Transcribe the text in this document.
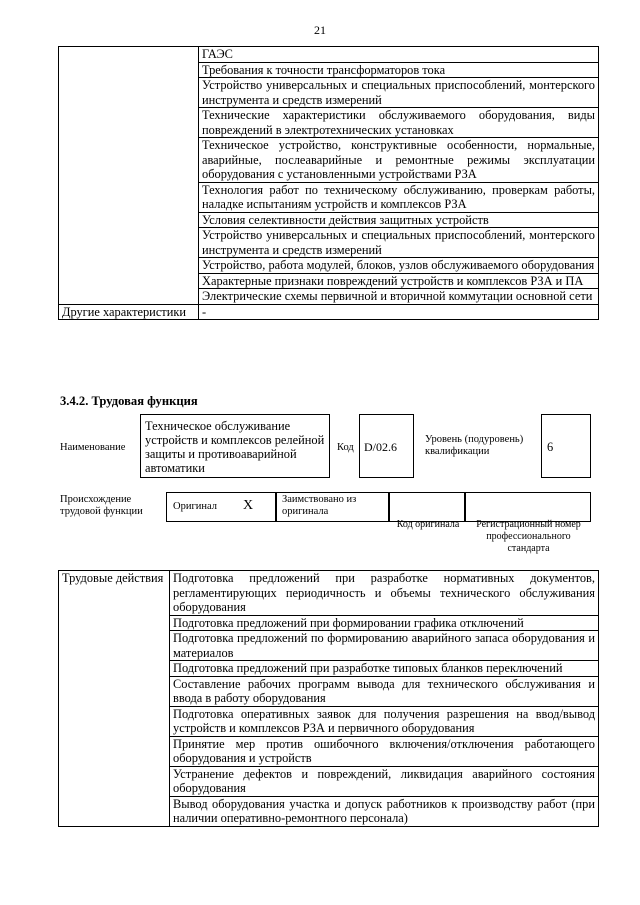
21
	ГАЭС
	Требования к точности трансформаторов тока
	Устройство универсальных и специальных приспособлений, монтерского инструмента и средств измерений
	Технические характеристики обслуживаемого оборудования, виды повреждений в электротехнических установках
	Техническое устройство, конструктивные особенности, нормальные, аварийные, послеаварийные и ремонтные режимы эксплуатации оборудования с установленными устройствами РЗА
	Технология работ по техническому обслуживанию, проверкам работы, наладке испытаниям устройств и комплексов РЗА
	Условия селективности действия защитных устройств
	Устройство универсальных и специальных приспособлений, монтерского инструмента и средств измерений
	Устройство, работа модулей, блоков, узлов обслуживаемого оборудования
	Характерные признаки повреждений устройств и комплексов РЗА и ПА
	Электрические схемы первичной и вторичной коммутации основной сети
Другие характеристики	-
3.4.2. Трудовая функция
Наименование
Техническое обслуживание устройств и комплексов релейной защиты и противоаварийной автоматики
Код D/02.6
Уровень (подуровень) квалификации	6
Происхождение трудовой функции	Оригинал X	Заимствовано из оригинала
Код оригинала	Регистрационный номер профессионального стандарта
Трудовые действия	Подготовка предложений при разработке нормативных документов, регламентирующих периодичность и объемы технического обслуживания оборудования
Подготовка предложений при формировании графика отключений
Подготовка предложений по формированию аварийного запаса оборудования и материалов
Подготовка предложений при разработке типовых бланков переключений
Составление рабочих программ вывода для технического обслуживания и ввода в работу оборудования
Подготовка оперативных заявок для получения разрешения на ввод/вывод устройств и комплексов РЗА и первичного оборудования
Принятие мер против ошибочного включения/отключения работающего оборудования и устройств
Устранение дефектов и повреждений, ликвидация аварийного состояния оборудования
Вывод оборудования участка и допуск работников к производству работ (при наличии оперативно-ремонтного персонала)
